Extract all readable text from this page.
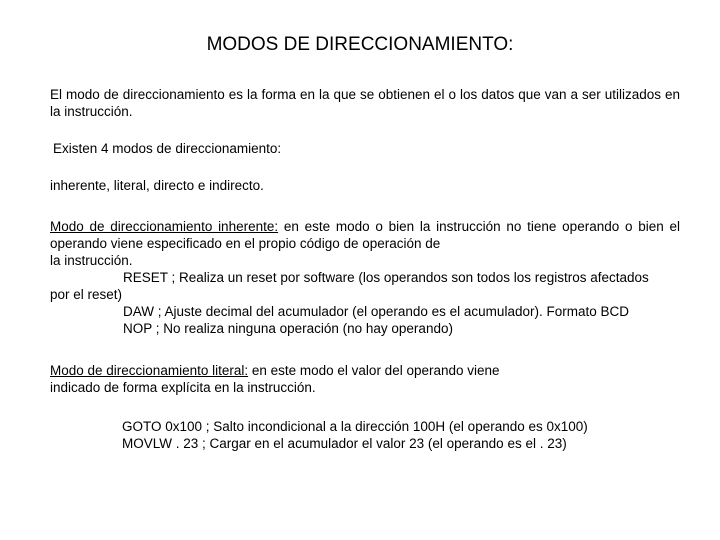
MODOS DE DIRECCIONAMIENTO:
El modo de direccionamiento es la forma en la que se obtienen el o los datos que van a ser utilizados en la instrucción.
Existen 4 modos de direccionamiento:
inherente, literal, directo e indirecto.
Modo de direccionamiento inherente: en este modo o bien la instrucción no tiene operando o bien el operando viene especificado en el propio código de operación de
la instrucción.
RESET ; Realiza un reset por software (los operandos son todos los registros afectados
por el reset)
DAW ; Ajuste decimal del acumulador (el operando es el acumulador). Formato BCD
NOP ; No realiza ninguna operación (no hay operando)
Modo de direccionamiento literal: en este modo el valor del operando viene
indicado de forma explícita en la instrucción.
GOTO 0x100 ; Salto incondicional a la dirección 100H (el operando es 0x100)
MOVLW . 23 ; Cargar en el acumulador el valor 23 (el operando es el . 23)
